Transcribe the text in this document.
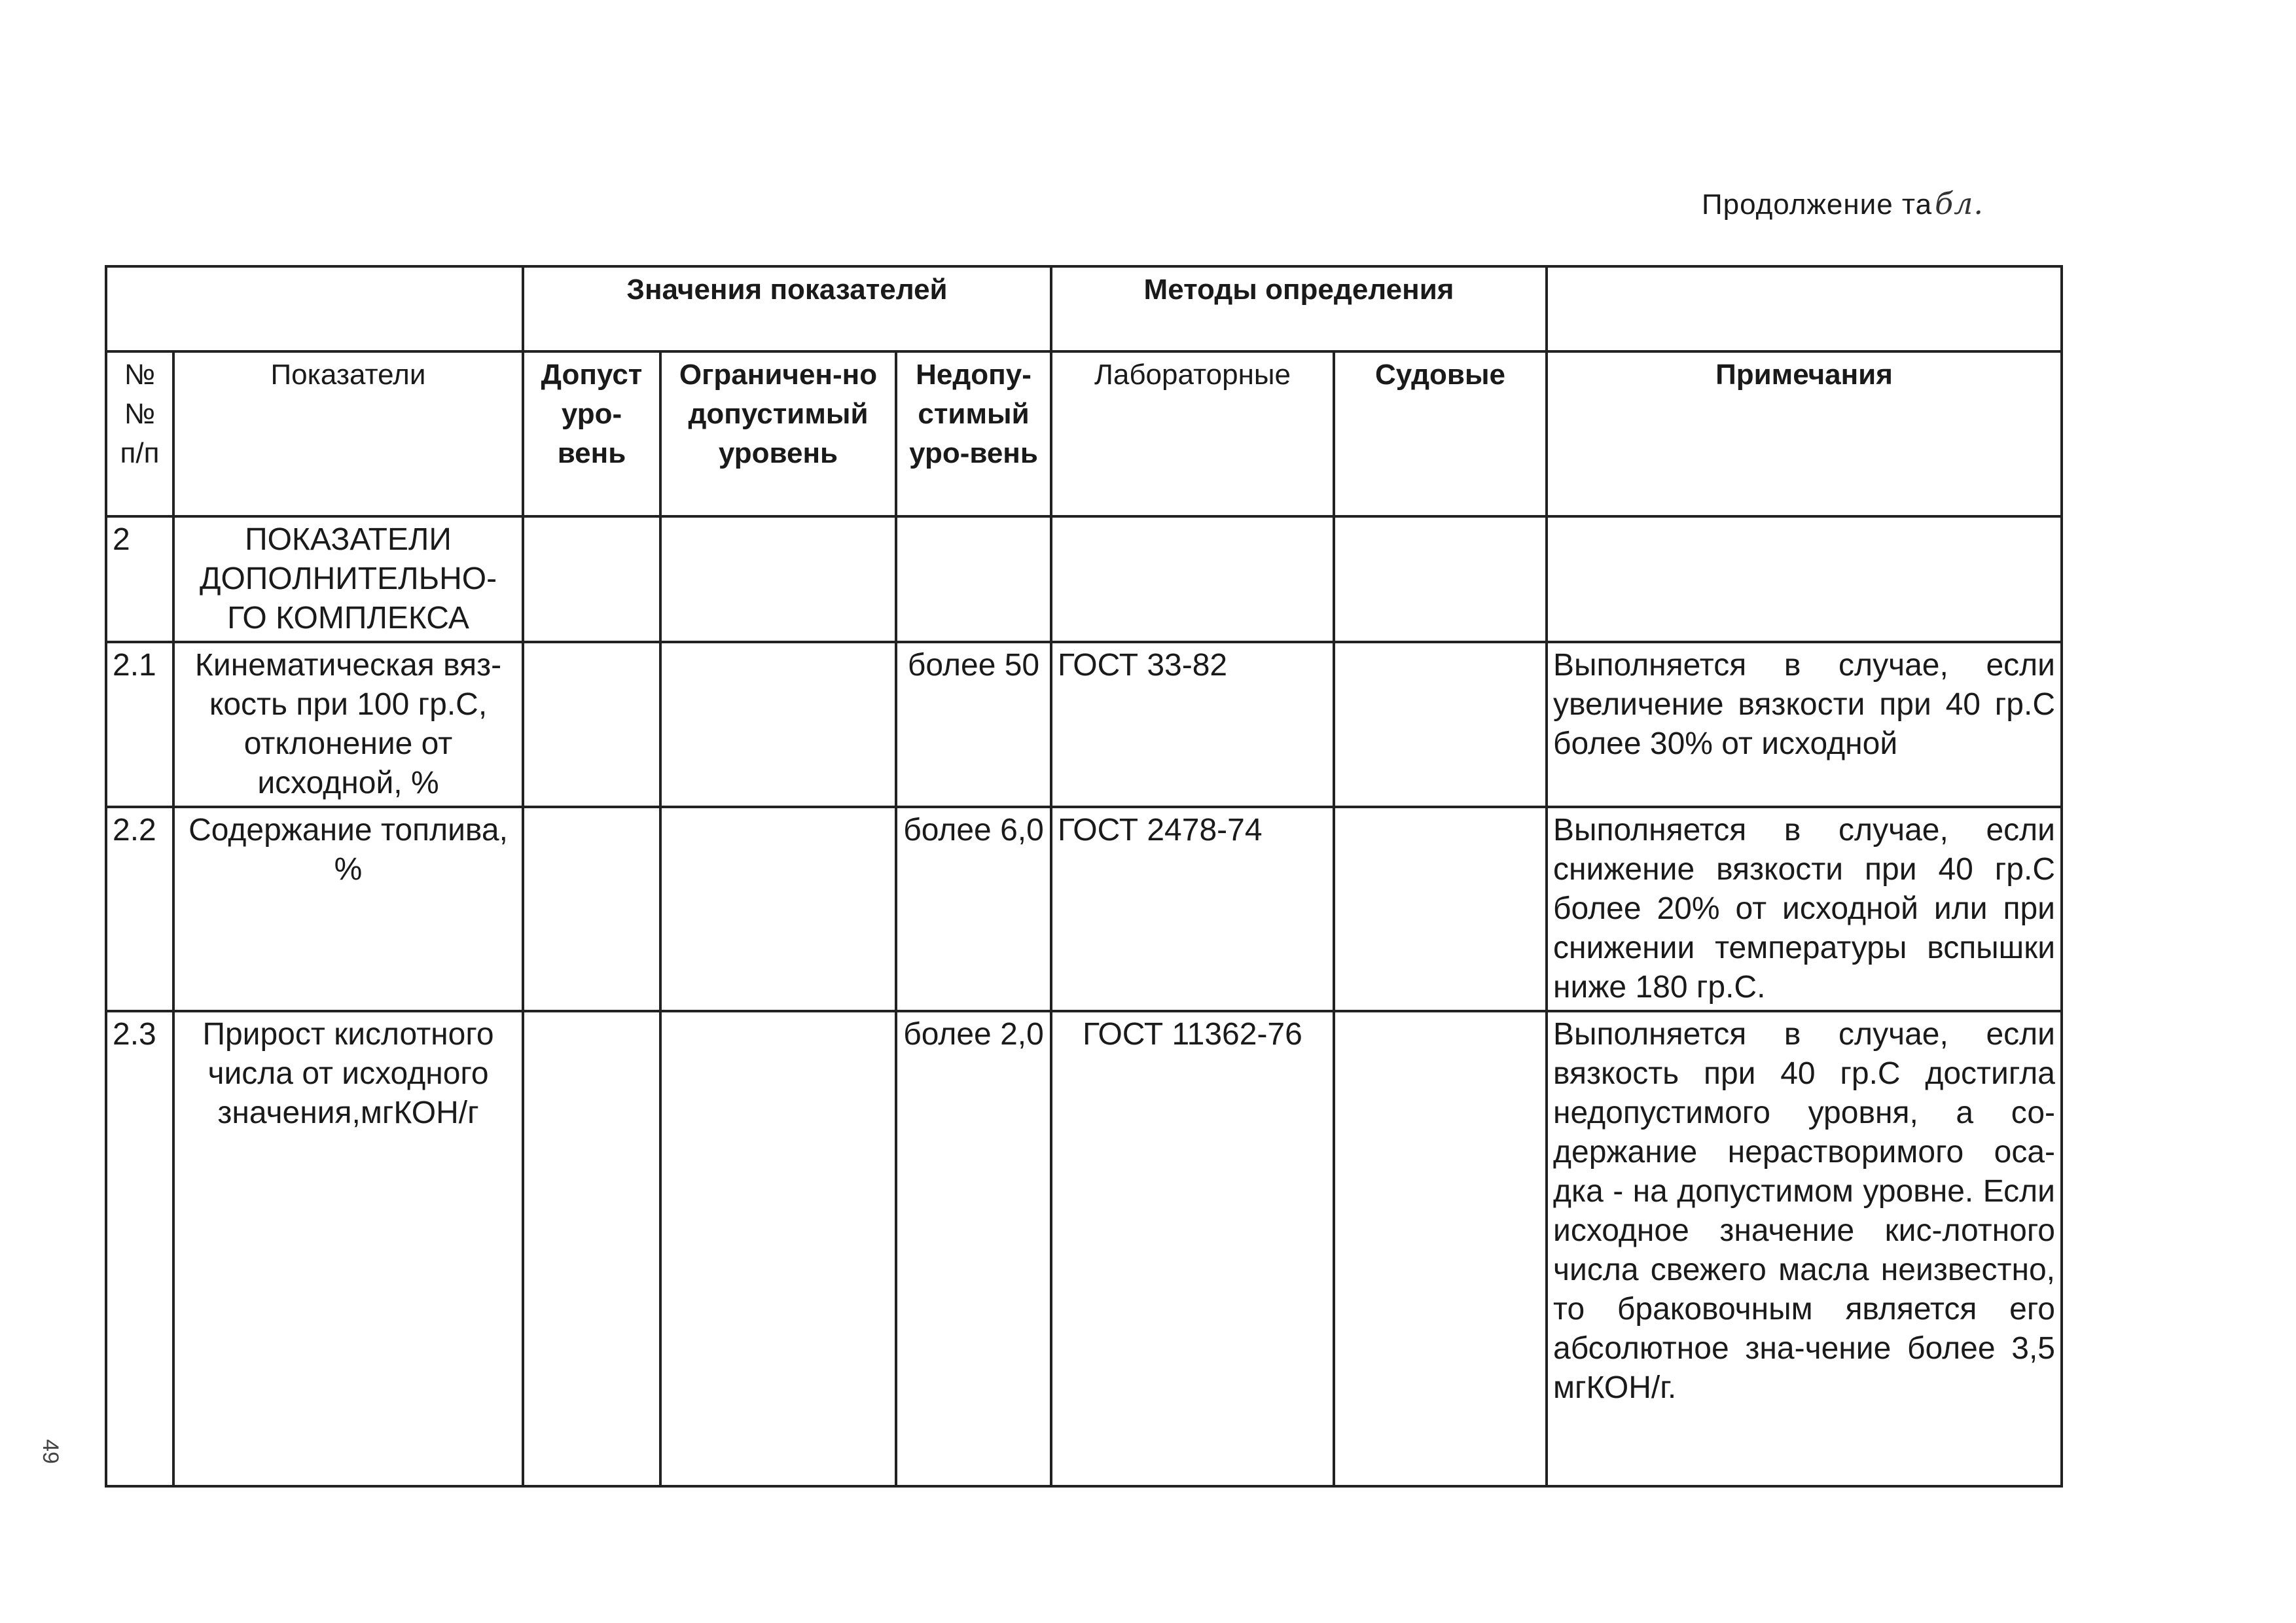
Продолжение табл.
		Значения показателей			Методы определения		
№ № п/п	Показатели	Допуст уро-вень	Ограничен-но допустимый уровень	Недопу-стимый уро-вень	Лабораторные	Судовые	Примечания
2	ПОКАЗАТЕЛИ ДОПОЛНИТЕЛЬНО-ГО КОМПЛЕКСА						
2.1	Кинематическая вяз-кость при 100 гр.С, отклонение от исходной, %			более 50	ГОСТ 33-82		Выполняется в случае, если увеличение вязкости при 40 гр.С более 30% от исходной
2.2	Содержание топлива, %			более 6,0	ГОСТ 2478-74		Выполняется в случае, если снижение вязкости при 40 гр.С более 20% от исходной или при снижении температуры вспышки ниже 180 гр.С.
2.3	Прирост кислотного числа от исходного значения,мгКОН/г			более 2,0	ГОСТ 11362-76		Выполняется в случае, если вязкость при 40 гр.С достигла недопустимого уровня, а со-держание нерастворимого оса-дка - на допустимом уровне. Если исходное значение кис-лотного числа свежего масла неизвестно, то браковочным является его абсолютное зна-чение более 3,5 мгКОН/г.
49
